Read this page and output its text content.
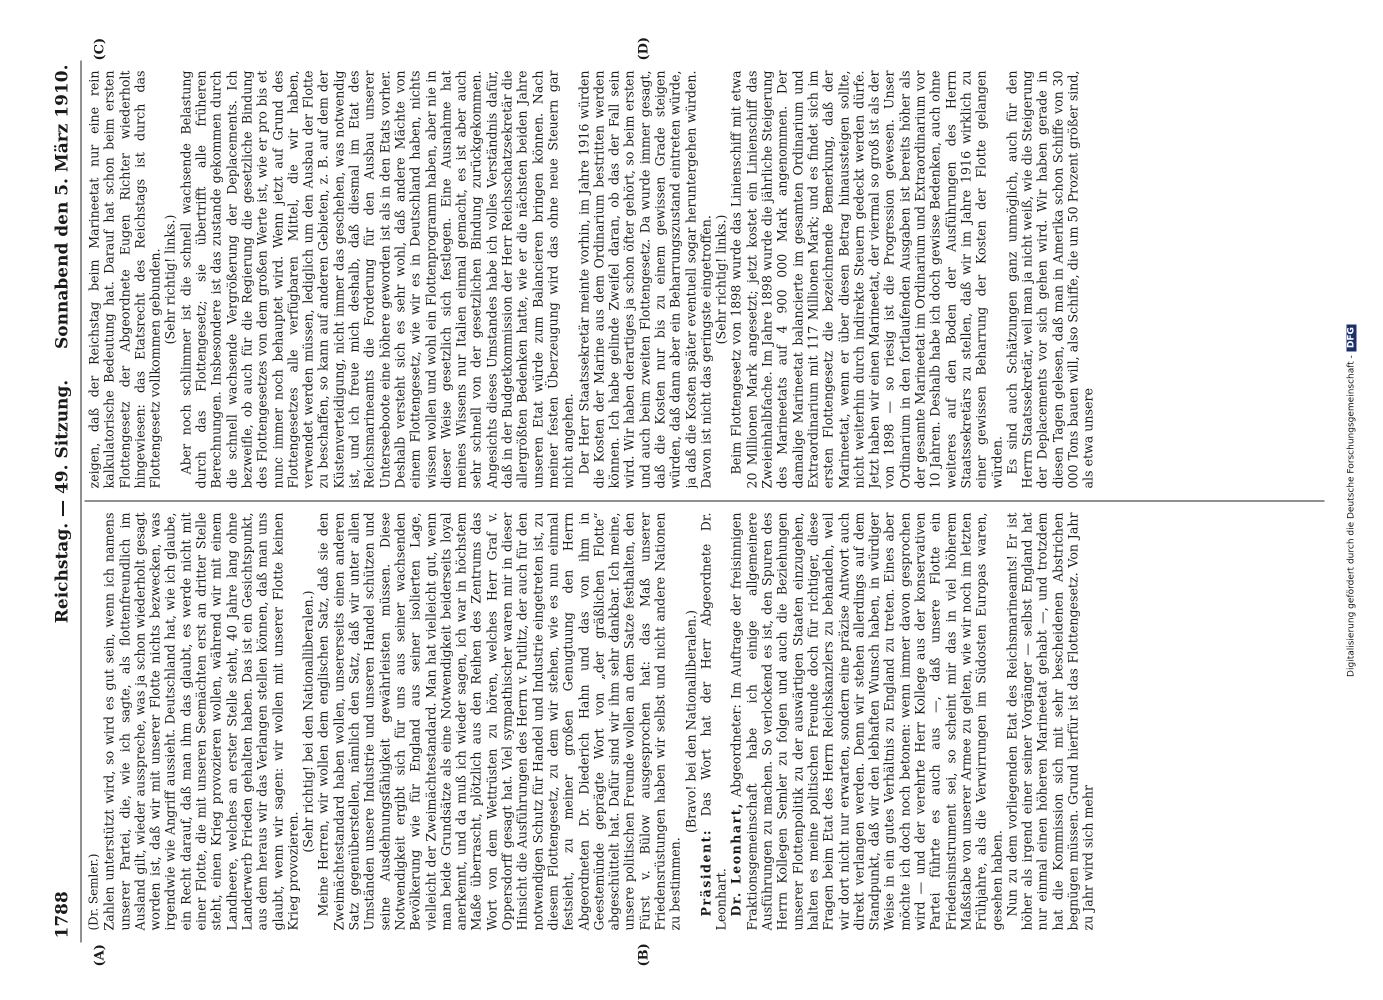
1788
Reichstag. — 49. Sitzung.
Sonnabend den 5. März 1910.
(A)	(B)
(C)	(D)

(Dr. Semler.) Zahlen unterstützt wird, so wird es gut sein, wenn ich namens unserer Partei, die, wie ich sagte, als flottenfreundlich im Ausland gilt, wieder ausspreche, was ja schon wiederholt gesagt worden ist, daß wir mit unserer Flotte nichts bezwecken, was irgendwie wie Angriff aussieht. Deutschland hat, wie ich glaube, ein Recht darauf, daß man ihm das glaubt, es werde nicht mit einer Flotte, die mit unseren Seemächten erst an dritter Stelle steht, einen Krieg provozieren wollen, während wir mit einem Landheere, welches an erster Stelle steht, 40 Jahre lang ohne Landerwerb Frieden gehalten haben. Das ist ein Gesichtspunkt, aus dem heraus wir das Verlangen stellen können, daß man uns glaubt, wenn wir sagen: wir wollen mit unserer Flotte keinen Krieg provozieren.

(Sehr richtig! bei den Nationalliberalen.) Meine Herren, wir wollen dem englischen Satz, daß sie den Zweimächtestandard haben wollen, unsererseits einen anderen Satz gegenüberstellen, nämlich den Satz, daß wir unter allen Umständen unsere Industrie und unseren Handel schützen und seine Ausdehnungsfähigkeit gewährleisten müssen. Diese Notwendigkeit ergibt sich für uns aus seiner wachsenden Bevölkerung wie für England aus seiner isolierten Lage, vielleicht der Zweimächtestandard. Man hat vielleicht gut, wenn man beide Grundsätze als eine Notwendigkeit beiderseits loyal anerkennt, und da muß ich wieder sagen, ich war in höchstem Maße überrascht, plötzlich aus den Reihen des Zentrums das Wort von dem Wettrüsten zu hören, welches Herr Graf v. Oppersdorff gesagt hat. Viel sympathischer waren mir in dieser Hinsicht die Ausführungen des Herrn v. Putlitz, der auch für den notwendigen Schutz für Handel und Industrie eingetreten ist, zu diesem Flottengesetz, zu dem wir stehen, wie es nun einmal festsieht, zu meiner großen Genugtuung den Herrn Abgeordneten Dr. Diederich Hahn und das von ihm in Geestemünde geprägte Wort von „der gräßlichen Flotte“ abgeschüttelt hat. Dafür sind wir ihm sehr dankbar. Ich meine, unsere politischen Freunde wollen an dem Satze festhalten, den Fürst v. Bülow ausgesprochen hat: das Maß unserer Friedensrüstungen haben wir selbst und nicht andere Nationen zu bestimmen.

(Bravo! bei den Nationalliberalen.)

Präsident: Das Wort hat der Herr Abgeordnete Dr. Leonhart. Dr. Leonhart, Abgeordneter: Im Auftrage der freisinnigen Fraktionsgemeinschaft habe ich einige allgemeinere Ausführungen zu machen. So verlockend es ist, den Spuren des Herrn Kollegen Semler zu folgen und auch die Beziehungen unserer Flottenpolitik zu der auswärtigen Staaten einzugehen, halten es meine politischen Freunde doch für richtiger, diese Fragen beim Etat des Herrn Reichskanzlers zu behandeln, weil wir dort nicht nur erwarten, sondern eine präzise Antwort auch direkt verlangen werden. Denn wir stehen allerdings auf dem Standpunkt, daß wir den lebhaften Wunsch haben, in würdiger Weise in ein gutes Verhältnis zu England zu treten. Eines aber möchte ich doch noch betonen: wenn immer davon gesprochen wird — und der verehrte Herr Kollege aus der konservativen Partei führte es auch aus —, daß unsere Flotte ein Friedensinstrument sei, so scheint mir das in viel höherem Maßstabe von unserer Armee zu gelten, wie wir noch im letzten Frühjahre, als die Verwirrungen im Südosten Europas waren, gesehen haben. Nun zu dem vorliegenden Etat des Reichsmarineamts! Er ist höher als irgend einer seiner Vorgänger — selbst England hat nur einmal einen höheren Marineetat gehabt —, und trotzdem hat die Kommission sich mit sehr bescheidenen Abstrichen begnügen müssen. Grund hierfür ist das Flottengesetz. Von Jahr zu Jahr wird sich mehr

zeigen, daß der Reichstag beim Marineetat nur eine rein kalkulatorische Bedeutung hat. Darauf hat schon beim ersten Flottengesetz der Abgeordnete Eugen Richter wiederholt hingewiesen: das Etatsrecht des Reichstags ist durch das Flottengesetz vollkommen gebunden. (Sehr richtig! links.) Aber noch schlimmer ist die schnell wachsende Belastung durch das Flottengesetz; sie übertrifft alle früheren Berechnungen. Insbesondere ist das zustande gekommen durch die schnell wachsende Vergrößerung der Deplacements. Ich bezweifle, ob auch für die Regierung die gesetzliche Bindung des Flottengesetzes von dem großen Werte ist, wie er pro bis et nunc immer noch behauptet wird. Wenn jetzt auf Grund des Flottengesetzes alle verfügbaren Mittel, die wir haben, verwendet werden müssen, lediglich um den Ausbau der Flotte zu beschaffen, so kann auf anderen Gebieten, z. B. auf dem der Küstenverteidigung, nicht immer das geschehen, was notwendig ist, und ich freue mich deshalb, daß diesmal im Etat des Reichsmarineamts die Forderung für den Ausbau unserer Unterseeboote eine höhere geworden ist als in den Etats vorher. Deshalb versteht sich es sehr wohl, daß andere Mächte von einem Flottengesetz, wie wir es in Deutschland haben, nichts wissen wollen und wohl ein Flottenprogramm haben, aber nie in dieser Weise gesetzlich sich festlegen. Eine Ausnahme hat meines Wissens nur Italien einmal gemacht, es ist aber auch sehr schnell von der gesetzlichen Bindung zurückgekommen. Angesichts dieses Umstandes habe ich volles Verständnis dafür, daß in der Budgetkommission der Herr Reichsschatzsekretär die allergrößten Bedenken hatte, wie er die nächsten beiden Jahre unseren Etat würde zum Balancieren bringen können. Nach meiner festen Überzeugung wird das ohne neue Steuern gar nicht angehen. Der Herr Staatssekretär meinte vorhin, im Jahre 1916 würden die Kosten der Marine aus dem Ordinarium bestritten werden können. Ich habe gelinde Zweifel daran, ob das der Fall sein wird. Wir haben derartiges ja schon öfter gehört, so beim ersten und auch beim zweiten Flottengesetz. Da wurde immer gesagt, daß die Kosten nur bis zu einem gewissen Grade steigen würden, daß dann aber ein Beharrungszustand eintreten würde, ja daß die Kosten später eventuell sogar heruntergehen würden. Davon ist nicht das geringste eingetroffen. (Sehr richtig! links.) Beim Flottengesetz von 1898 wurde das Linienschiff mit etwa 20 Millionen Mark angesetzt; jetzt kostet ein Linienschiff das Zweieinhalbfache. Im Jahre 1898 wurde die jährliche Steigerung des Marineetats auf 4 900 000 Mark angenommen. Der damalige Marineetat balancierte im gesamten Ordinarium und Extraordinarium mit 117 Millionen Mark; und es findet sich im ersten Flottengesetz die bezeichnende Bemerkung, daß der Marineetat, wenn er über diesen Betrag hinaussteigen sollte, nicht weiterhin durch indirekte Steuern gedeckt werden dürfe. Jetzt haben wir einen Marineetat, der viermal so groß ist als der von 1898 — so riesig ist die Progression gewesen. Unser Ordinarium in den fortlaufenden Ausgaben ist bereits höher als der gesamte Marineetat im Ordinarium und Extraordinarium vor 10 Jahren. Deshalb habe ich doch gewisse Bedenken, auch ohne weiteres auf den Boden der Ausführungen des Herrn Staatssekretärs zu stellen, daß wir im Jahre 1916 wirklich zu einer gewissen Beharrung der Kosten der Flotte gelangen würden. Es sind auch Schätzungen ganz unmöglich, auch für den Herrn Staatssekretär, weil man ja nicht weiß, wie die Steigerung der Deplacements vor sich gehen wird. Wir haben gerade in diesen Tagen gelesen, daß man in Amerika schon Schiffe von 30 000 Tons bauen will, also Schiffe, die um 50 Prozent größer sind, als etwa unsere	Digitalisierung gefördert durch die Deutsche Forschungsgemeinschaft -DFG
